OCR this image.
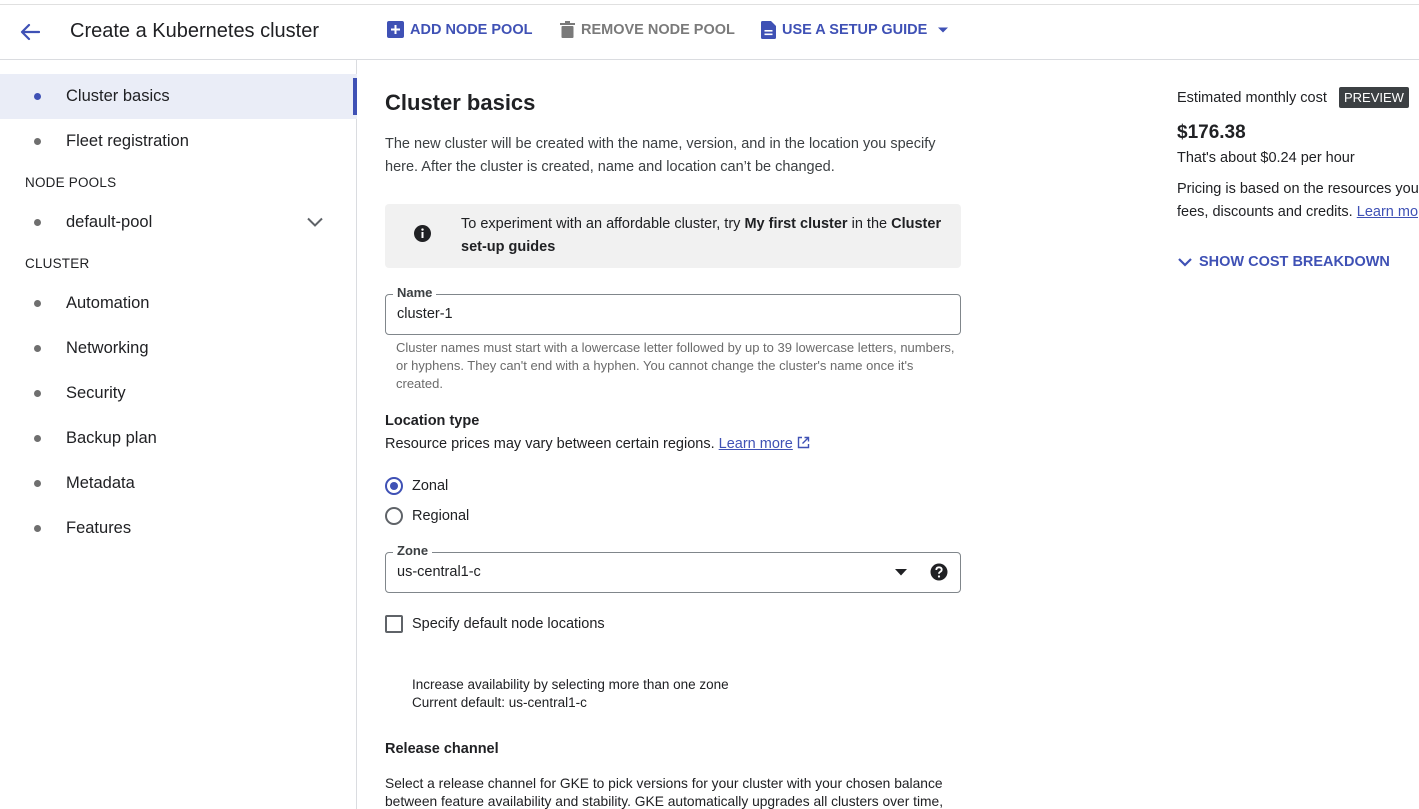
Create a Kubernetes cluster	ADD NODE POOL	REMOVE NODE POOL	USE A SETUP GUIDE
Cluster basics
Fleet registration
NODE POOLS
default-pool
CLUSTER
Automation
Networking
Security
Backup plan
Metadata
Features
Cluster basics

The new cluster will be created with the name, version, and in the location you specify here. After the cluster is created, name and location can’t be changed.

To experiment with an affordable cluster, try My first cluster in the Cluster set-up guides
Name
cluster-1

Cluster names must start with a lowercase letter followed by up to 39 lowercase letters, numbers, or hyphens. They can't end with a hyphen. You cannot change the cluster's name once it's created.

Location type
Resource prices may vary between certain regions. Learn more
Zonal
Regional
Zone
us-central1-c
Specify default node locations
Increase availability by selecting more than one zone
Current default: us-central1-c
Release channel
Select a release channel for GKE to pick versions for your cluster with your chosen balance
between feature availability and stability. GKE automatically upgrades all clusters over time,
Estimated monthly cost	PREVIEW
$176.38
That's about $0.24 per hour
Pricing is based on the resources you
fees, discounts and credits. Learn mo
SHOW COST BREAKDOWN
